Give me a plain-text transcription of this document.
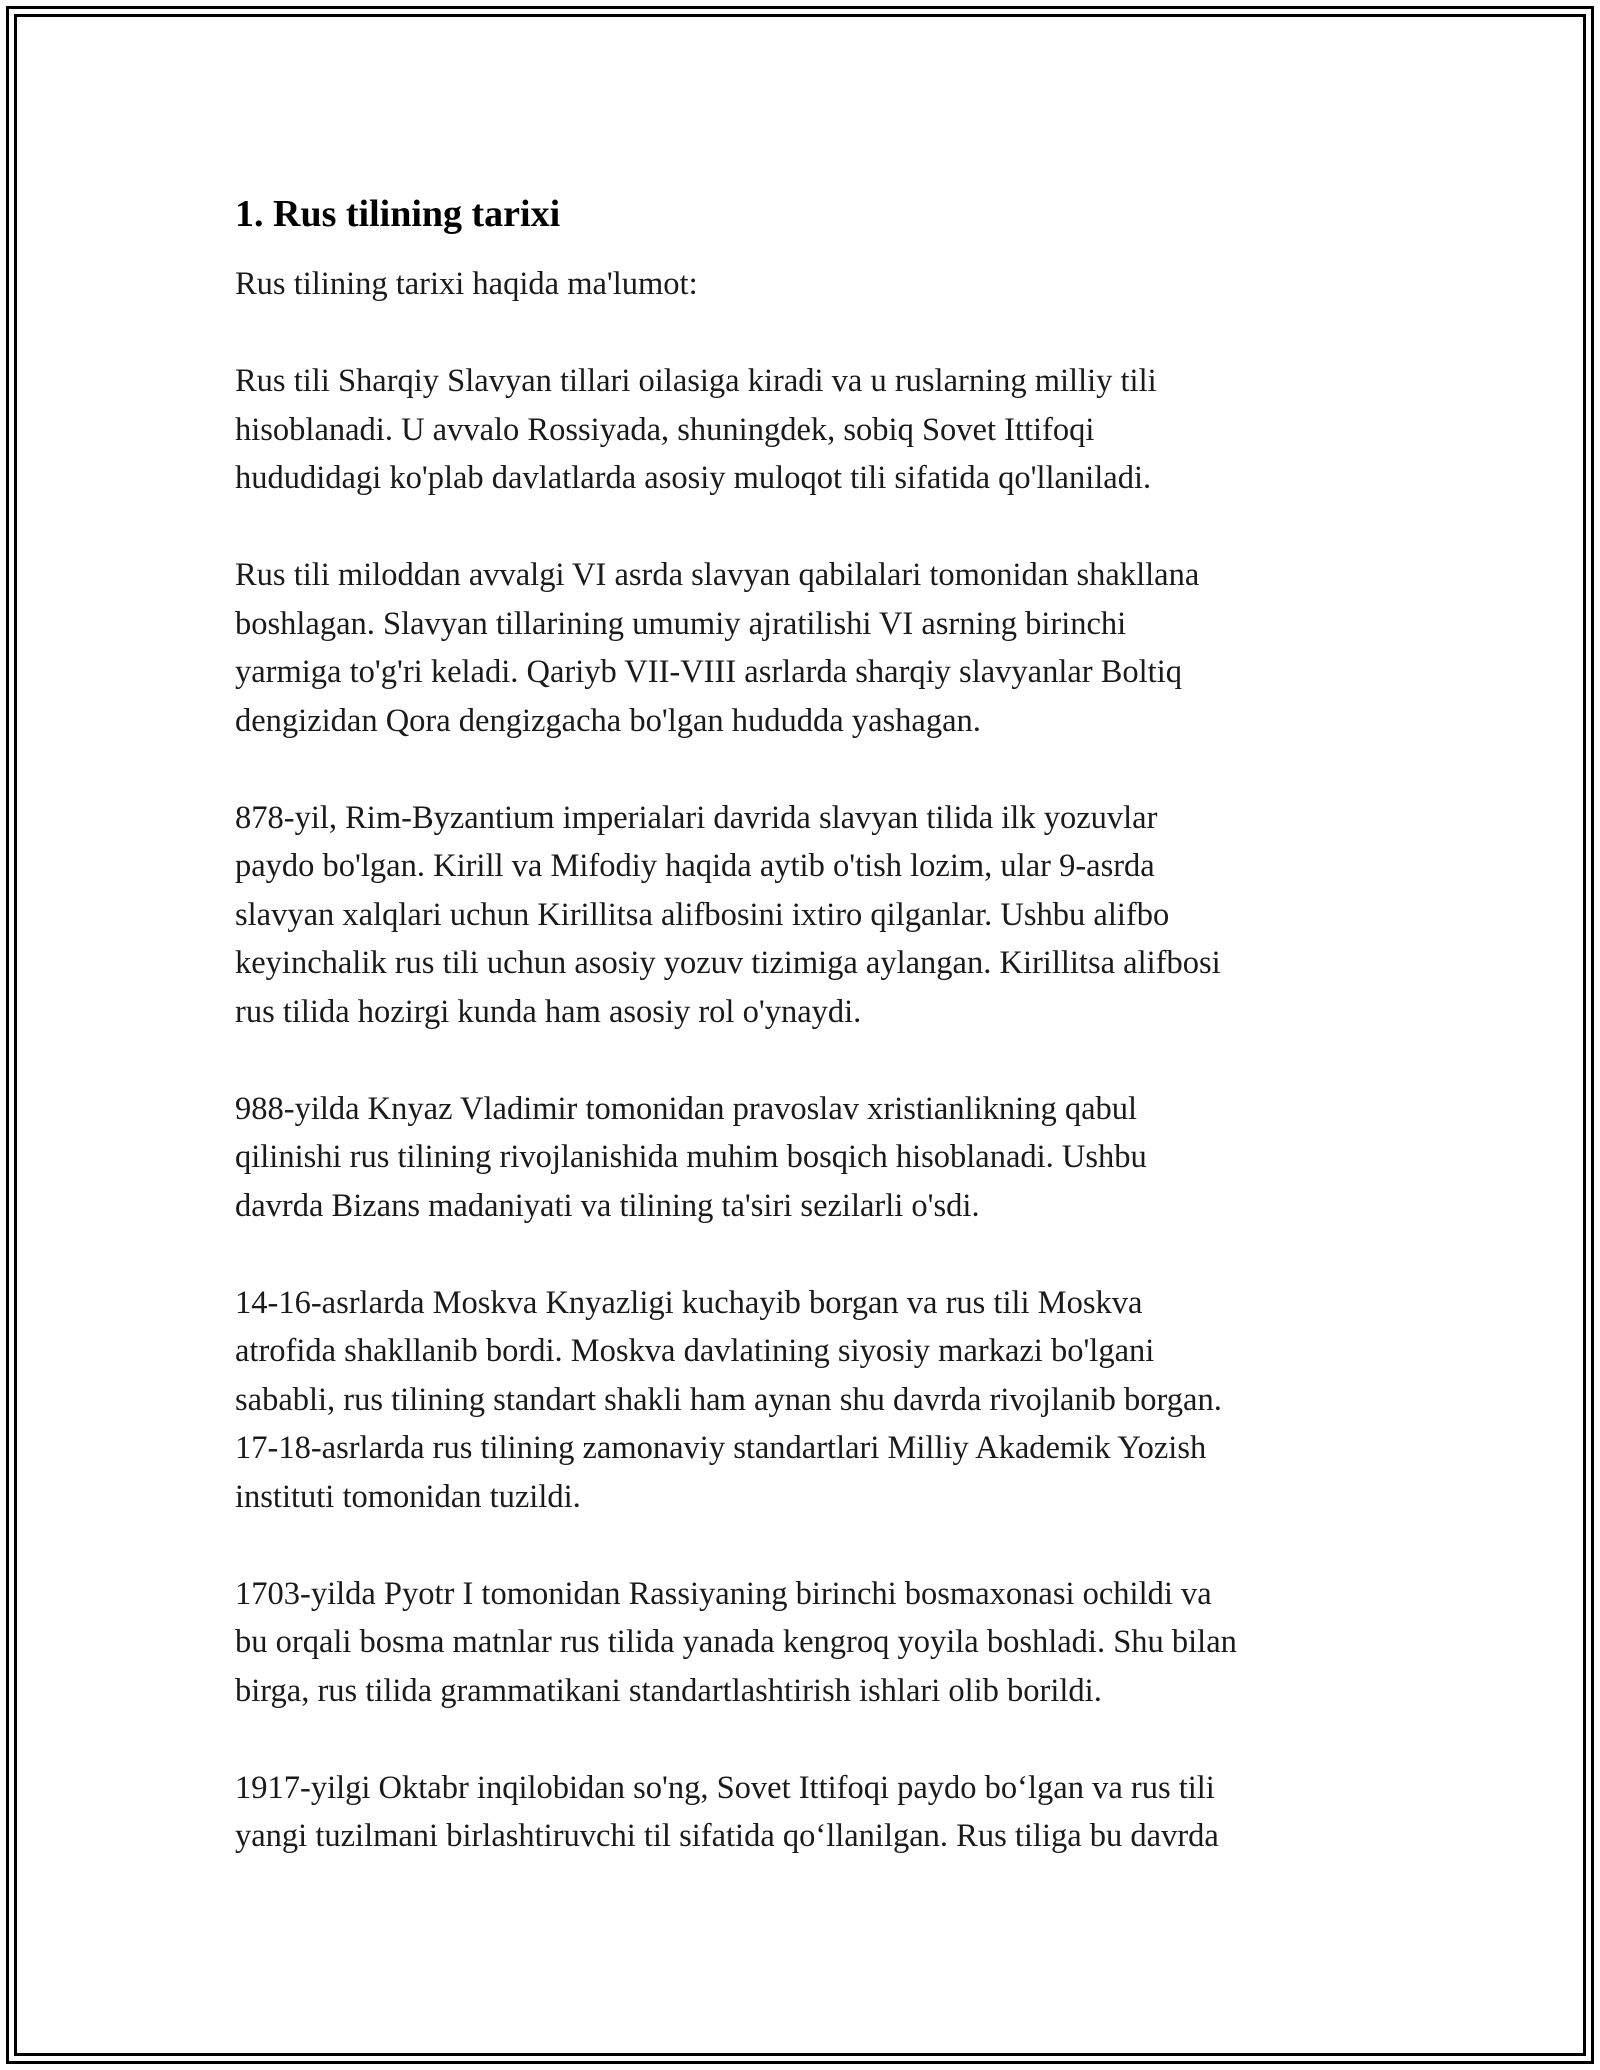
1. Rus tilining tarixi

Rus tilining tarixi haqida ma'lumot:

Rus tili Sharqiy Slavyan tillari oilasiga kiradi va u ruslarning milliy tili
hisoblanadi. U avvalo Rossiyada, shuningdek, sobiq Sovet Ittifoqi
hududidagi ko'plab davlatlarda asosiy muloqot tili sifatida qo'llaniladi.

Rus tili miloddan avvalgi VI asrda slavyan qabilalari tomonidan shakllana
boshlagan. Slavyan tillarining umumiy ajratilishi VI asrning birinchi
yarmiga to'g'ri keladi. Qariyb VII-VIII asrlarda sharqiy slavyanlar Boltiq
dengizidan Qora dengizgacha bo'lgan hududda yashagan.

878-yil, Rim-Byzantium imperialari davrida slavyan tilida ilk yozuvlar
paydo bo'lgan. Kirill va Mifodiy haqida aytib o'tish lozim, ular 9-asrda
slavyan xalqlari uchun Kirillitsa alifbosini ixtiro qilganlar. Ushbu alifbo
keyinchalik rus tili uchun asosiy yozuv tizimiga aylangan. Kirillitsa alifbosi
rus tilida hozirgi kunda ham asosiy rol o'ynaydi.

988-yilda Knyaz Vladimir tomonidan pravoslav xristianlikning qabul
qilinishi rus tilining rivojlanishida muhim bosqich hisoblanadi. Ushbu
davrda Bizans madaniyati va tilining ta'siri sezilarli o'sdi.

14-16-asrlarda Moskva Knyazligi kuchayib borgan va rus tili Moskva
atrofida shakllanib bordi. Moskva davlatining siyosiy markazi bo'lgani
sababli, rus tilining standart shakli ham aynan shu davrda rivojlanib borgan.
17-18-asrlarda rus tilining zamonaviy standartlari Milliy Akademik Yozish
instituti tomonidan tuzildi.

1703-yilda Pyotr I tomonidan Rassiyaning birinchi bosmaxonasi ochildi va
bu orqali bosma matnlar rus tilida yanada kengroq yoyila boshladi. Shu bilan
birga, rus tilida grammatikani standartlashtirish ishlari olib borildi.

1917-yilgi Oktabr inqilobidan so'ng, Sovet Ittifoqi paydo bo‘lgan va rus tili
yangi tuzilmani birlashtiruvchi til sifatida qo‘llanilgan. Rus tiliga bu davrda
